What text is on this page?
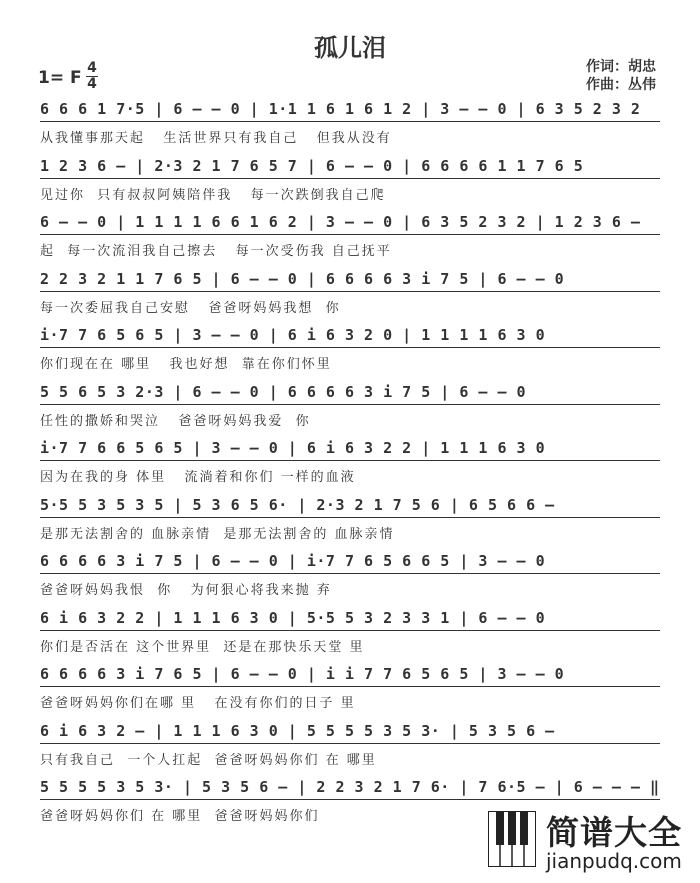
孤儿泪
1= F 4
4
作词：胡忠
作曲：丛伟
6 6 6 1 7·5 | 6 — — 0 | 1·1 1 6 1 6 1 2 | 3 — — 0 | 6 3 5 2 3 2
从我懂事那天起   生活世界只有我自己   但我从没有
1 2 3 6 — | 2·3 2 1 7 6 5 7 | 6 — — 0 | 6 6 6 6 1 1 7 6 5
见过你  只有叔叔阿姨陪伴我   每一次跌倒我自己爬
6 — — 0 | 1 1 1 1 6 6 1 6 2 | 3 — — 0 | 6 3 5 2 3 2 | 1 2 3 6 —
起  每一次流泪我自己擦去   每一次受伤我 自己抚平
2 2 3 2 1 1 7 6 5 | 6 — — 0 | 6 6 6 6 3 i 7 5 | 6 — — 0
每一次委屈我自己安慰   爸爸呀妈妈我想  你
i·7 7 6 5 6 5 | 3 — — 0 | 6 i 6 3 2 0 | 1 1 1 1 6 3 0
你们现在在 哪里   我也好想  靠在你们怀里
5 5 6 5 3 2·3 | 6 — — 0 | 6 6 6 6 3 i 7 5 | 6 — — 0
任性的撒娇和哭泣   爸爸呀妈妈我爱  你
i·7 7 6 6 5 6 5 | 3 — — 0 | 6 i 6 3 2 2 | 1 1 1 6 3 0
因为在我的身 体里   流淌着和你们 一样的血液
5·5 5 3 5 3 5 | 5 3 6 5 6· | 2·3 2 1 7 5 6 | 6 5 6 6 —
是那无法割舍的 血脉亲情  是那无法割舍的 血脉亲情
6 6 6 6 3 i 7 5 | 6 — — 0 | i·7 7 6 5 6 6 5 | 3 — — 0
爸爸呀妈妈我恨  你   为何狠心将我来抛 弃
6 i 6 3 2 2 | 1 1 1 6 3 0 | 5·5 5 3 2 3 3 1 | 6 — — 0
你们是否活在 这个世界里  还是在那快乐天堂 里
6 6 6 6 3 i 7 6 5 | 6 — — 0 | i i 7 7 6 5 6 5 | 3 — — 0
爸爸呀妈妈你们在哪 里   在没有你们的日子 里
6 i 6 3 2 — | 1 1 1 6 3 0 | 5 5 5 5 3 5 3· | 5 3 5 6 —
只有我自己  一个人扛起  爸爸呀妈妈你们 在 哪里
5 5 5 5 3 5 3· | 5 3 5 6 — | 2 2 3 2 1 7 6· | 7 6·5 — | 6 — — — ‖
爸爸呀妈妈你们 在 哪里  爸爸呀妈妈你们	简谱大全
jianpudq.com
